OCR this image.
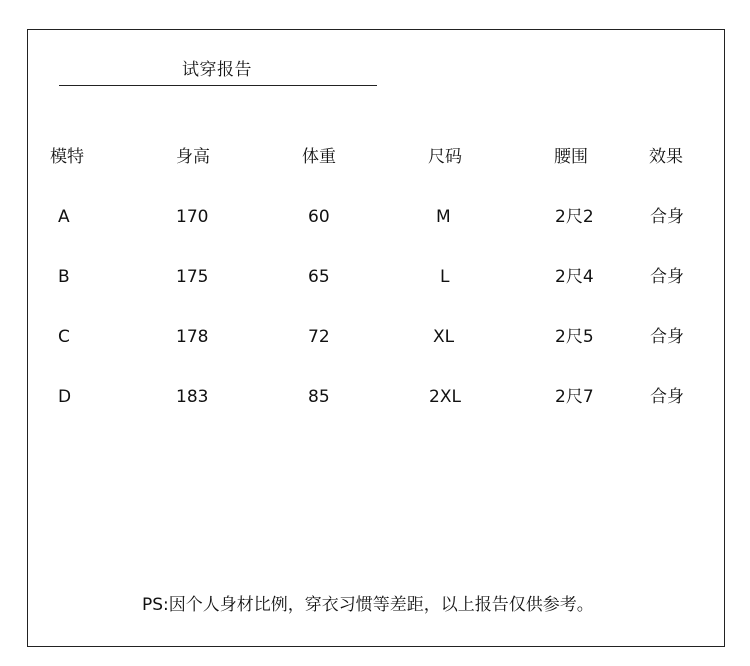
试穿报告
模特	身高	体重	尺码	腰围	效果
A	170	60	M	2尺2	合身
B	175	65	L	2尺4	合身
C	178	72	XL	2尺5	合身
D	183	85	2XL	2尺7	合身
PS:因个人身材比例，穿衣习惯等差距，以上报告仅供参考。
